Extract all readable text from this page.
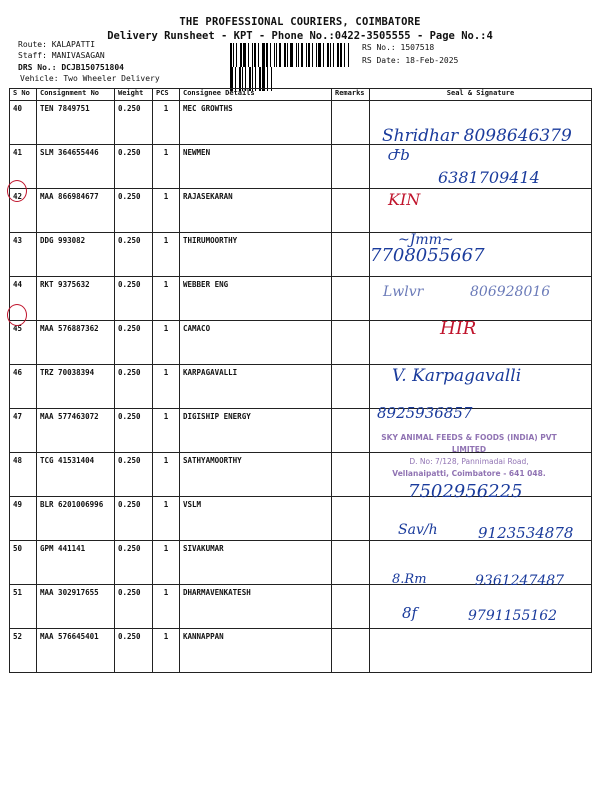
THE PROFESSIONAL COURIERS, COIMBATORE
Delivery Runsheet - KPT - Phone No.:0422-3505555 - Page No.:4
Route: KALAPATTI
Staff: MANIVASAGAN
DRS No.: DCJB150751804
Vehicle: Two Wheeler Delivery
RS No.: 1507518
RS Date: 18-Feb-2025
S No	Consignment No	Weight	PCS	Consignee Details	Remarks	Seal & Signature
40	TEN 7849751	0.250	1	MEC GROWTHS		
41	SLM 364655446	0.250	1	NEWMEN		
42	MAA 866984677	0.250	1	RAJASEKARAN		
43	DDG 993082	0.250	1	THIRUMOORTHY		
44	RKT 9375632	0.250	1	WEBBER ENG		
45	MAA 576887362	0.250	1	CAMACO		
46	TRZ 70038394	0.250	1	KARPAGAVALLI		
47	MAA 577463072	0.250	1	DIGISHIP ENERGY		
48	TCG 41531404	0.250	1	SATHYAMOORTHY		
49	BLR 6201006996	0.250	1	VSLM		
50	GPM 441141	0.250	1	SIVAKUMAR		
51	MAA 302917655	0.250	1	DHARMAVENKATESH		
52	MAA 576645401	0.250	1	KANNAPPAN		
Shridhar 8098646379
Ժb
6381709414
KIN
~Jmm~
7708055667
Lwlvr	806928016
HIR
V. Karpagavalli
8925936857
7502956225
Sav/h	9123534878
8.Rm	9361247487
8f	9791155162
SKY ANIMAL FEEDS & FOODS (INDIA) PVT LIMITED
D. No: 7/128, Pannimadai Road,
Vellanaipatti, Coimbatore - 641 048.
